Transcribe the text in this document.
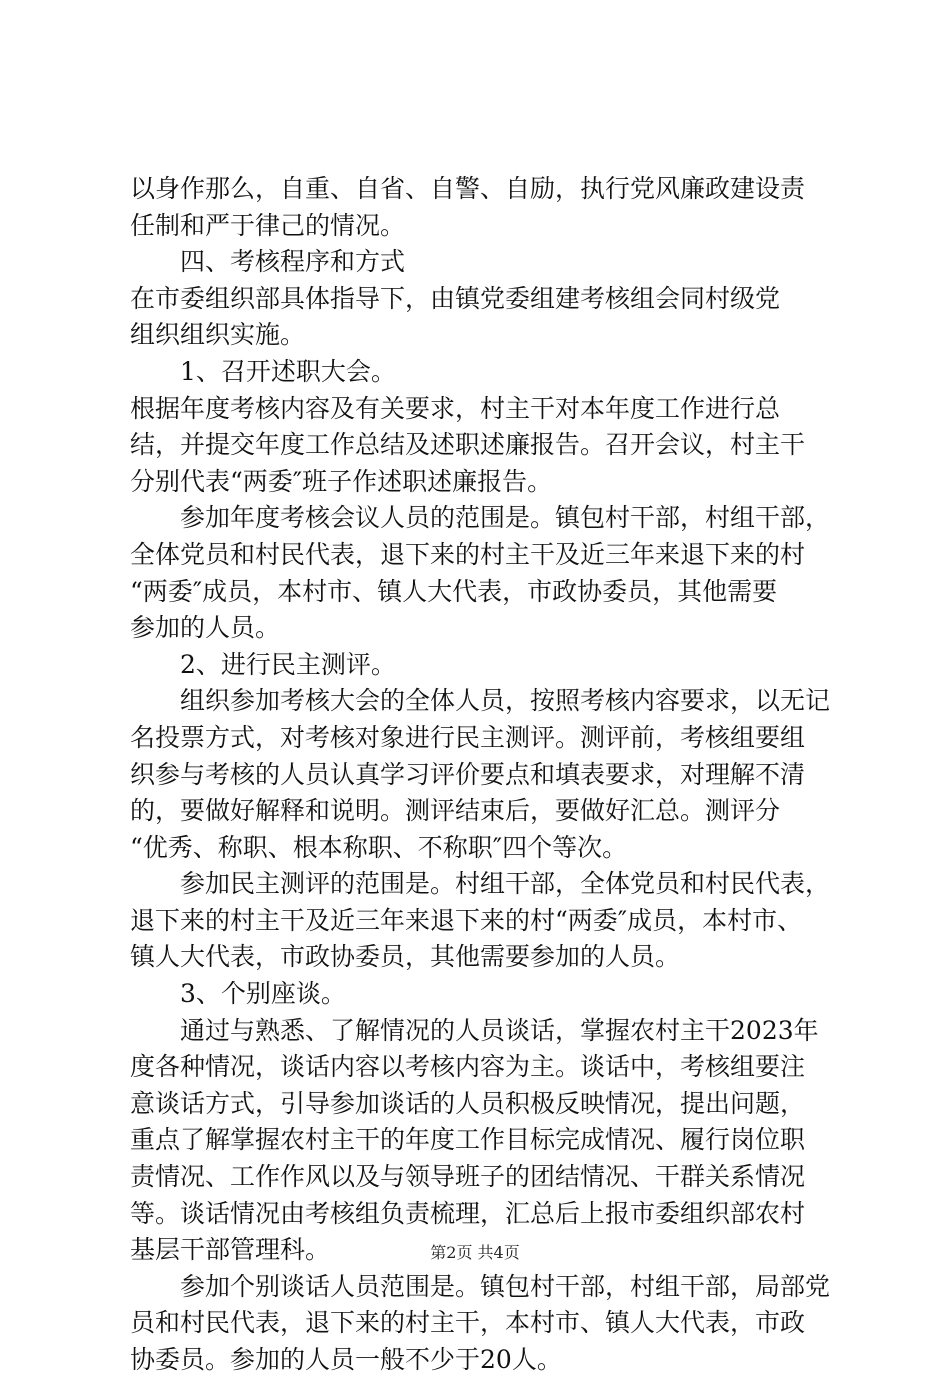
以身作那么，自重、自省、自警、自励，执行党风廉政建设责
任制和严于律己的情况。
四、考核程序和方式
在市委组织部具体指导下，由镇党委组建考核组会同村级党
组织组织实施。
1、召开述职大会。
根据年度考核内容及有关要求，村主干对本年度工作进行总
结，并提交年度工作总结及述职述廉报告。召开会议，村主干
分别代表“两委″班子作述职述廉报告。
参加年度考核会议人员的范围是。镇包村干部，村组干部，
全体党员和村民代表，退下来的村主干及近三年来退下来的村
“两委″成员，本村市、镇人大代表，市政协委员，其他需要
参加的人员。
2、进行民主测评。
组织参加考核大会的全体人员，按照考核内容要求，以无记
名投票方式，对考核对象进行民主测评。测评前，考核组要组
织参与考核的人员认真学习评价要点和填表要求，对理解不清
的，要做好解释和说明。测评结束后，要做好汇总。测评分
“优秀、称职、根本称职、不称职″四个等次。
参加民主测评的范围是。村组干部，全体党员和村民代表，
退下来的村主干及近三年来退下来的村“两委″成员，本村市、
镇人大代表，市政协委员，其他需要参加的人员。
3、个别座谈。
通过与熟悉、了解情况的人员谈话，掌握农村主干2023年
度各种情况，谈话内容以考核内容为主。谈话中，考核组要注
意谈话方式，引导参加谈话的人员积极反映情况，提出问题，
重点了解掌握农村主干的年度工作目标完成情况、履行岗位职
责情况、工作作风以及与领导班子的团结情况、干群关系情况
等。谈话情况由考核组负责梳理，汇总后上报市委组织部农村
基层干部管理科。
参加个别谈话人员范围是。镇包村干部，村组干部，局部党
员和村民代表，退下来的村主干，本村市、镇人大代表，市政
协委员。参加的人员一般不少于20人。
第2页 共4页
